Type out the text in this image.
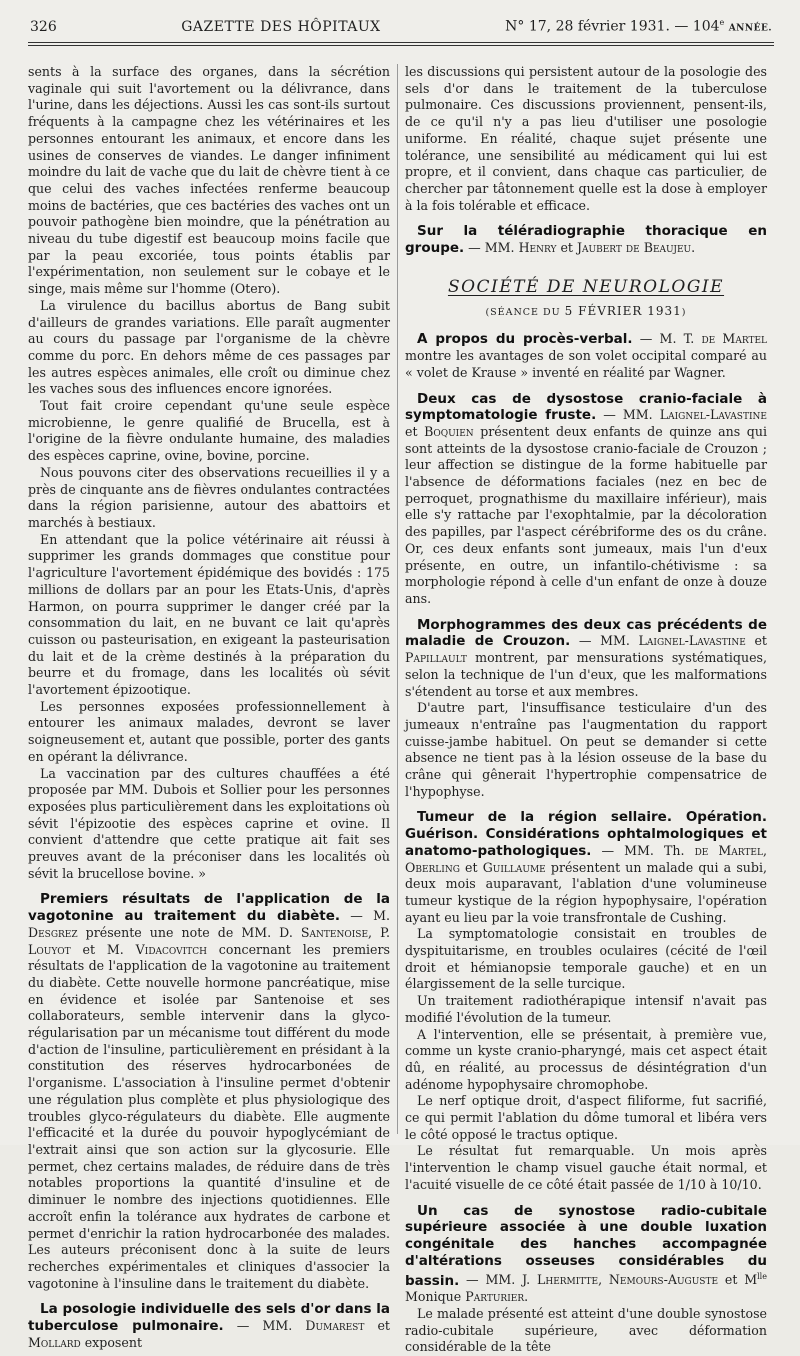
326	GAZETTE DES HÔPITAUX	N° 17, 28 février 1931. — 104e ANNÉE.

sents à la surface des organes, dans la sécrétion vaginale qui suit l'avortement ou la délivrance, dans l'urine, dans les déjections. Aussi les cas sont-ils surtout fréquents à la campagne chez les vétérinaires et les personnes entourant les animaux, et encore dans les usines de conserves de viandes. Le danger infiniment moindre du lait de vache que du lait de chèvre tient à ce que celui des vaches infectées renferme beaucoup moins de bactéries, que ces bactéries des vaches ont un pouvoir pathogène bien moindre, que la pénétration au niveau du tube digestif est beaucoup moins facile que par la peau excoriée, tous points établis par l'expérimentation, non seulement sur le cobaye et le singe, mais même sur l'homme (Otero).

La virulence du bacillus abortus de Bang subit d'ailleurs de grandes variations. Elle paraît augmenter au cours du passage par l'organisme de la chèvre comme du porc. En dehors même de ces passages par les autres espèces animales, elle croît ou diminue chez les vaches sous des influences encore ignorées.

Tout fait croire cependant qu'une seule espèce microbienne, le genre qualifié de Brucella, est à l'origine de la fièvre ondulante humaine, des maladies des espèces caprine, ovine, bovine, porcine.

Nous pouvons citer des observations recueillies il y a près de cinquante ans de fièvres ondulantes contractées dans la région parisienne, autour des abattoirs et marchés à bestiaux.

En attendant que la police vétérinaire ait réussi à supprimer les grands dommages que constitue pour l'agriculture l'avortement épidémique des bovidés : 175 millions de dollars par an pour les Etats-Unis, d'après Harmon, on pourra supprimer le danger créé par la consommation du lait, en ne buvant ce lait qu'après cuisson ou pasteurisation, en exigeant la pasteurisation du lait et de la crème destinés à la préparation du beurre et du fromage, dans les localités où sévit l'avortement épizootique.

Les personnes exposées professionnellement à entourer les animaux malades, devront se laver soigneusement et, autant que possible, porter des gants en opérant la délivrance.

La vaccination par des cultures chauffées a été proposée par MM. Dubois et Sollier pour les personnes exposées plus particulièrement dans les exploitations où sévit l'épizootie des espèces caprine et ovine. Il convient d'attendre que cette pratique ait fait ses preuves avant de la préconiser dans les localités où sévit la brucellose bovine. »

Premiers résultats de l'application de la vagotonine au traitement du diabète. — M. Desgrez présente une note de MM. D. Santenoise, P. Louyot et M. Vidacovitch concernant les premiers résultats de l'application de la vagotonine au traitement du diabète. Cette nouvelle hormone pancréatique, mise en évidence et isolée par Santenoise et ses collaborateurs, semble intervenir dans la glyco-régularisation par un mécanisme tout différent du mode d'action de l'insuline, particulièrement en présidant à la constitution des réserves hydrocarbonées de l'organisme. L'association à l'insuline permet d'obtenir une régulation plus complète et plus physiologique des troubles glyco-régulateurs du diabète. Elle augmente l'efficacité et la durée du pouvoir hypoglycémiant de l'extrait ainsi que son action sur la glycosurie. Elle permet, chez certains malades, de réduire dans de très notables proportions la quantité d'insuline et de diminuer le nombre des injections quotidiennes. Elle accroît enfin la tolérance aux hydrates de carbone et permet d'enrichir la ration hydrocarbonée des malades. Les auteurs préconisent donc à la suite de leurs recherches expérimentales et cliniques d'associer la vagotonine à l'insuline dans le traitement du diabète.

La posologie individuelle des sels d'or dans la tuberculose pulmonaire. — MM. Dumarest et Mollard exposent

les discussions qui persistent autour de la posologie des sels d'or dans le traitement de la tuberculose pulmonaire. Ces discussions proviennent, pensent-ils, de ce qu'il n'y a pas lieu d'utiliser une posologie uniforme. En réalité, chaque sujet présente une tolérance, une sensibilité au médicament qui lui est propre, et il convient, dans chaque cas particulier, de chercher par tâtonnement quelle est la dose à employer à la fois tolérable et efficace.

Sur la téléradiographie thoracique en groupe. — MM. Henry et Jaubert de Beaujeu.

SOCIÉTÉ DE NEUROLOGIE
(SÉANCE DU 5 FÉVRIER 1931)

A propos du procès-verbal. — M. T. de Martel montre les avantages de son volet occipital comparé au « volet de Krause » inventé en réalité par Wagner.

Deux cas de dysostose cranio-faciale à symptomatologie fruste. — MM. Laignel-Lavastine et Boquien présentent deux enfants de quinze ans qui sont atteints de la dysostose cranio-faciale de Crouzon ; leur affection se distingue de la forme habituelle par l'absence de déformations faciales (nez en bec de perroquet, prognathisme du maxillaire inférieur), mais elle s'y rattache par l'exophtalmie, par la décoloration des papilles, par l'aspect cérébriforme des os du crâne. Or, ces deux enfants sont jumeaux, mais l'un d'eux présente, en outre, un infantilo-chétivisme : sa morphologie répond à celle d'un enfant de onze à douze ans.

Morphogrammes des deux cas précédents de maladie de Crouzon. — MM. Laignel-Lavastine et Papillault montrent, par mensurations systématiques, selon la technique de l'un d'eux, que les malformations s'étendent au torse et aux membres.

D'autre part, l'insuffisance testiculaire d'un des jumeaux n'entraîne pas l'augmentation du rapport cuisse-jambe habituel. On peut se demander si cette absence ne tient pas à la lésion osseuse de la base du crâne qui gênerait l'hypertrophie compensatrice de l'hypophyse.

Tumeur de la région sellaire. Opération. Guérison. Considérations ophtalmologiques et anatomo-pathologiques. — MM. Th. de Martel, Oberling et Guillaume présentent un malade qui a subi, deux mois auparavant, l'ablation d'une volumineuse tumeur kystique de la région hypophysaire, l'opération ayant eu lieu par la voie transfrontale de Cushing.

La symptomatologie consistait en troubles de dyspituitarisme, en troubles oculaires (cécité de l'œil droit et hémianopsie temporale gauche) et en un élargissement de la selle turcique.

Un traitement radiothérapique intensif n'avait pas modifié l'évolution de la tumeur.

A l'intervention, elle se présentait, à première vue, comme un kyste cranio-pharyngé, mais cet aspect était dû, en réalité, au processus de désintégration d'un adénome hypophysaire chromophobe.

Le nerf optique droit, d'aspect filiforme, fut sacrifié, ce qui permit l'ablation du dôme tumoral et libéra vers le côté opposé le tractus optique.

Le résultat fut remarquable. Un mois après l'intervention le champ visuel gauche était normal, et l'acuité visuelle de ce côté était passée de 1/10 à 10/10.

Un cas de synostose radio-cubitale supérieure associée à une double luxation congénitale des hanches accompagnée d'altérations osseuses considérables du bassin. — MM. J. Lhermitte, Nemours-Auguste et $M^{lle}$ Monique Parturier.

Le malade présenté est atteint d'une double synostose radio-cubitale supérieure, avec déformation considérable de la tête
